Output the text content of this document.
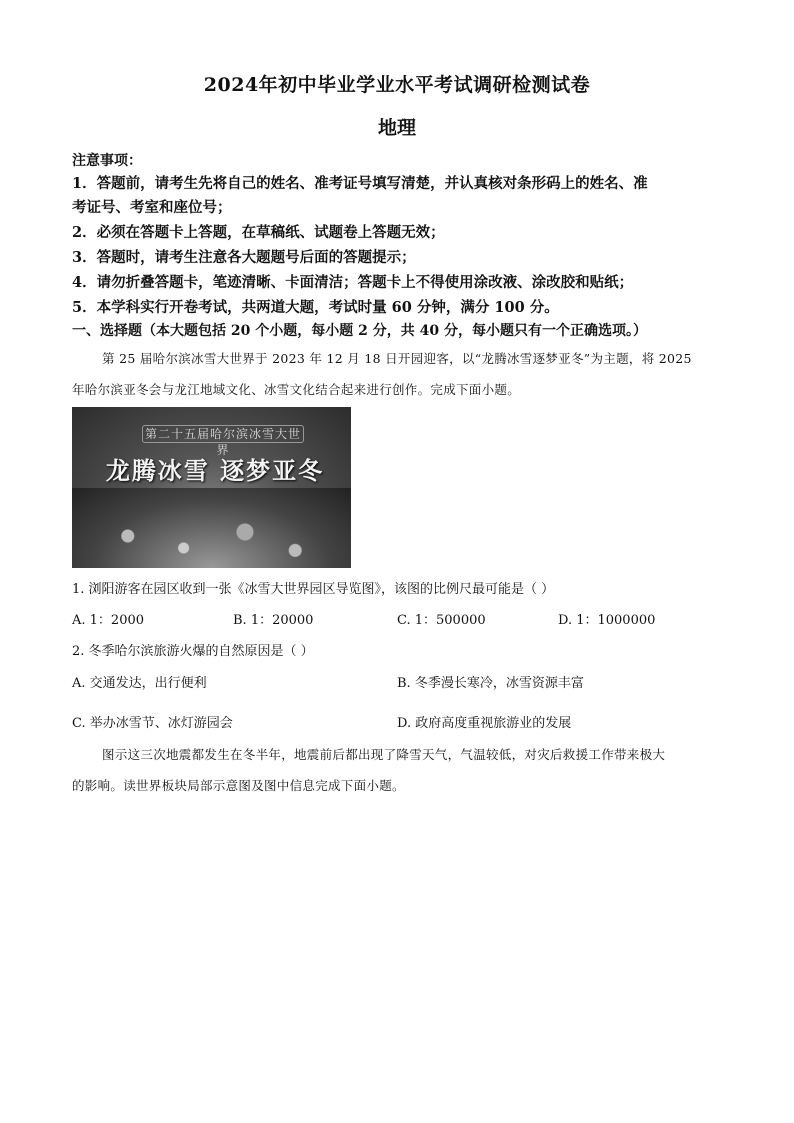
2024年初中毕业学业水平考试调研检测试卷
地理
注意事项：
1．答题前，请考生先将自己的姓名、准考证号填写清楚，并认真核对条形码上的姓名、准
考证号、考室和座位号；
2．必须在答题卡上答题，在草稿纸、试题卷上答题无效；
3．答题时，请考生注意各大题题号后面的答题提示；
4．请勿折叠答题卡，笔迹清晰、卡面清洁；答题卡上不得使用涂改液、涂改胶和贴纸；
5．本学科实行开卷考试，共两道大题，考试时量 60 分钟，满分 100 分。
一、选择题（本大题包括 20 个小题，每小题 2 分，共 40 分，每小题只有一个正确选项。）
第 25 届哈尔滨冰雪大世界于 2023 年 12 月 18 日开园迎客，以“龙腾冰雪逐梦亚冬”为主题，将 2025
年哈尔滨亚冬会与龙江地域文化、冰雪文化结合起来进行创作。完成下面小题。
第二十五届哈尔滨冰雪大世界
龙腾冰雪 逐梦亚冬
1. 浏阳游客在园区收到一张《冰雪大世界园区导览图》，该图的比例尺最可能是（ ）
A. 1：2000	B. 1：20000	C. 1：500000	D. 1：1000000
2. 冬季哈尔滨旅游火爆的自然原因是（ ）
A. 交通发达，出行便利	B. 冬季漫长寒冷，冰雪资源丰富
C. 举办冰雪节、冰灯游园会	D. 政府高度重视旅游业的发展
图示这三次地震都发生在冬半年，地震前后都出现了降雪天气，气温较低，对灾后救援工作带来极大
的影响。读世界板块局部示意图及图中信息完成下面小题。
